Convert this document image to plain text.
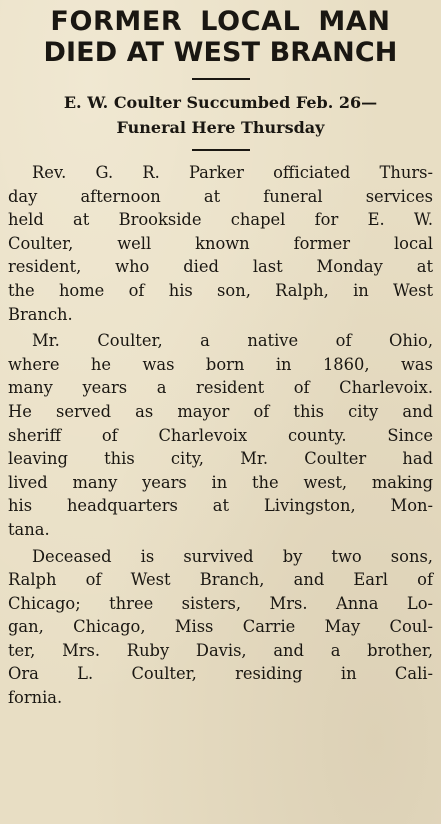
FORMER LOCAL MAN
DIED AT WEST BRANCH
E. W. Coulter Succumbed Feb. 26—
Funeral Here Thursday
Rev. G. R. Parker officiated Thurs-
day afternoon at funeral services
held at Brookside chapel for E. W.
Coulter, well known former local
resident, who died last Monday at
the home of his son, Ralph, in West
Branch.
Mr. Coulter, a native of Ohio,
where he was born in 1860, was
many years a resident of Charlevoix.
He served as mayor of this city and
sheriff of Charlevoix county. Since
leaving this city, Mr. Coulter had
lived many years in the west, making
his headquarters at Livingston, Mon-
tana.
Deceased is survived by two sons,
Ralph of West Branch, and Earl of
Chicago; three sisters, Mrs. Anna Lo-
gan, Chicago, Miss Carrie May Coul-
ter, Mrs. Ruby Davis, and a brother,
Ora L. Coulter, residing in Cali-
fornia.
